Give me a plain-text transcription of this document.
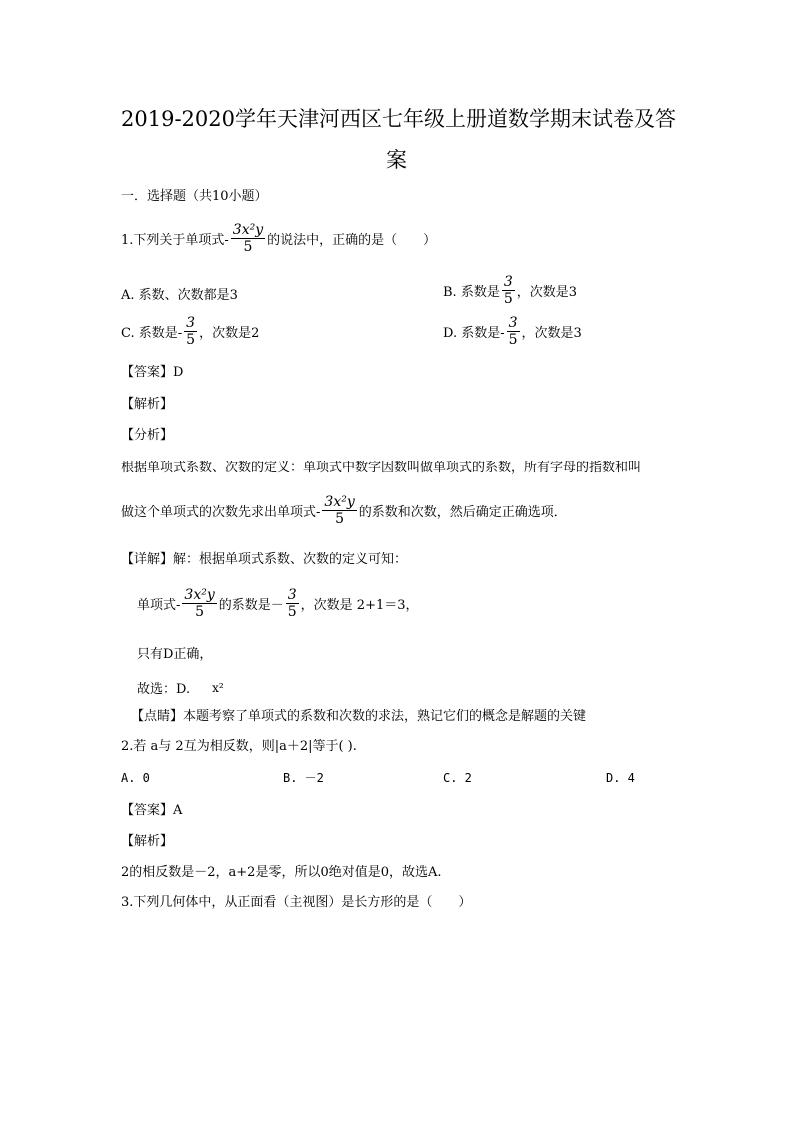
2019-2020学年天津河西区七年级上册道数学期末试卷及答
案
一．选择题（共10小题）
1.下列关于单项式- $\frac{\text{3x²y}}{5}$ 的说法中，正确的是（　　）
A. 系数、次数都是3	B. 系数是 $\frac{3}{5}$ ，次数是3
C. 系数是- $\frac{3}{5}$ ，次数是2	D. 系数是- $\frac{3}{5}$ ，次数是3
【答案】D
【解析】
【分析】
根据单项式系数、次数的定义：单项式中数字因数叫做单项式的系数，所有字母的指数和叫
做这个单项式的次数先求出单项式- $\frac{\text{3x²y}}{5}$ 的系数和次数，然后确定正确选项．
【详解】解：根据单项式系数、次数的定义可知：
单项式- $\frac{\text{3x²y}}{5}$ 的系数是－ $\frac{3}{5}$ ，次数是 2+1＝3，
只有D正确，
故选：D. x²
【点睛】本题考察了单项式的系数和次数的求法，熟记它们的概念是解题的关键
2.若 a与 2互为相反数，则|a＋2|等于( ).
A. 0	B. －2	C. 2	D. 4
【答案】A
【解析】
2的相反数是－2，a+2是零，所以0绝对值是0，故选A.
3.下列几何体中，从正面看（主视图）是长方形的是（　　）
